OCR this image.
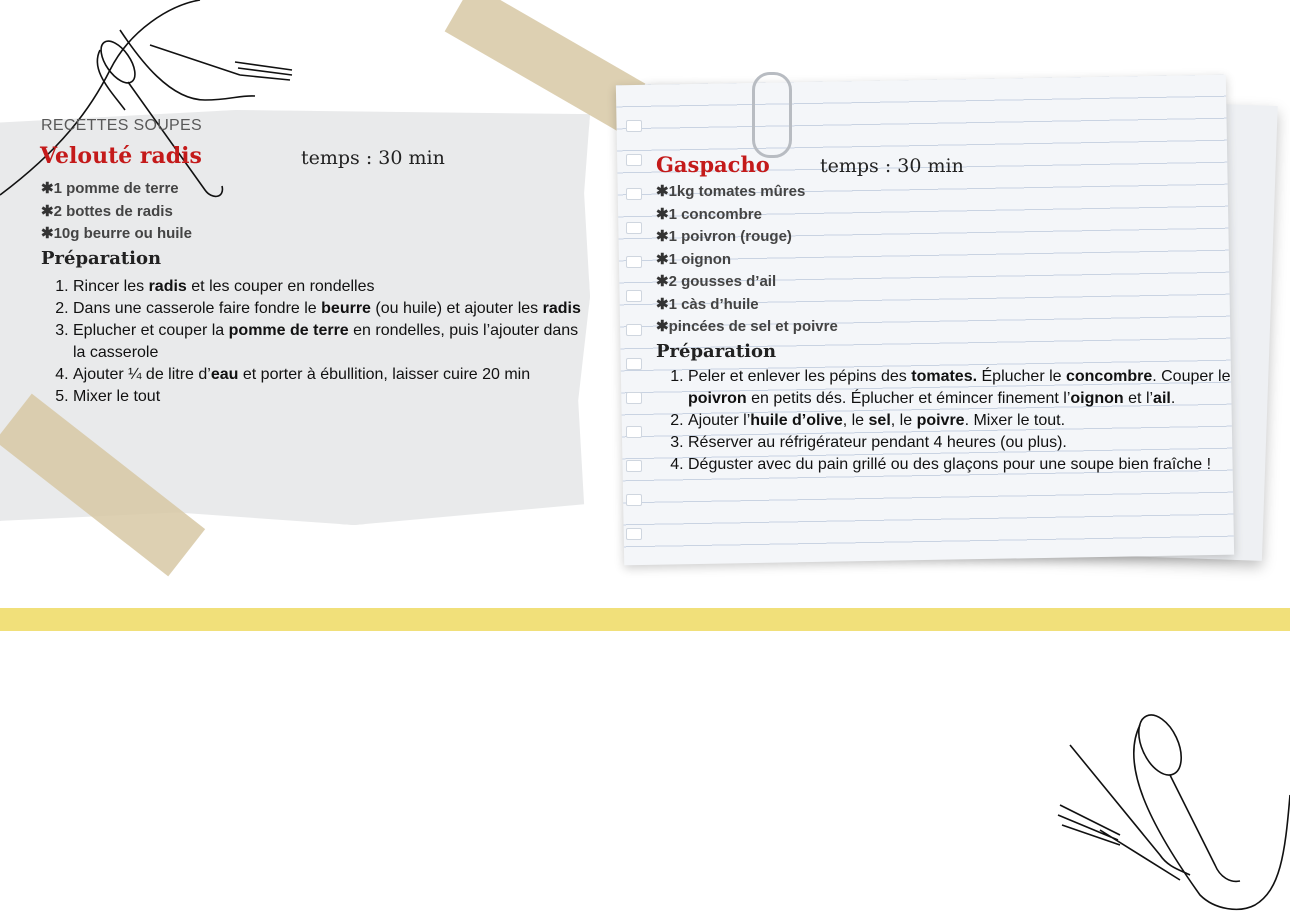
RECETTES SOUPES
Velouté radis	temps : 30 min
✱ 1 pomme de terre
✱ 2 bottes de radis
✱ 10g beurre ou huile
Préparation
1. Rincer les radis et les couper en rondelles
2. Dans une casserole faire fondre le beurre (ou huile) et ajouter les radis
3. Eplucher et couper la pomme de terre en rondelles, puis l’ajouter dans la casserole
4. Ajouter ¼ de litre d’eau et porter à ébullition, laisser cuire 20 min
5. Mixer le tout
Gaspacho	temps : 30 min
✱ 1kg tomates mûres
✱ 1 concombre
✱ 1 poivron (rouge)
✱ 1 oignon
✱ 2 gousses d’ail
✱ 1 càs d’huile
✱ pincées de sel et poivre
Préparation
1. Peler et enlever les pépins des tomates. Éplucher le concombre. Couper le poivron en petits dés. Éplucher et émincer finement l’oignon et l’ail.
2. Ajouter l’huile d’olive, le sel, le poivre. Mixer le tout.
3. Réserver au réfrigérateur pendant 4 heures (ou plus).
4. Déguster avec du pain grillé ou des glaçons pour une soupe bien fraîche !
